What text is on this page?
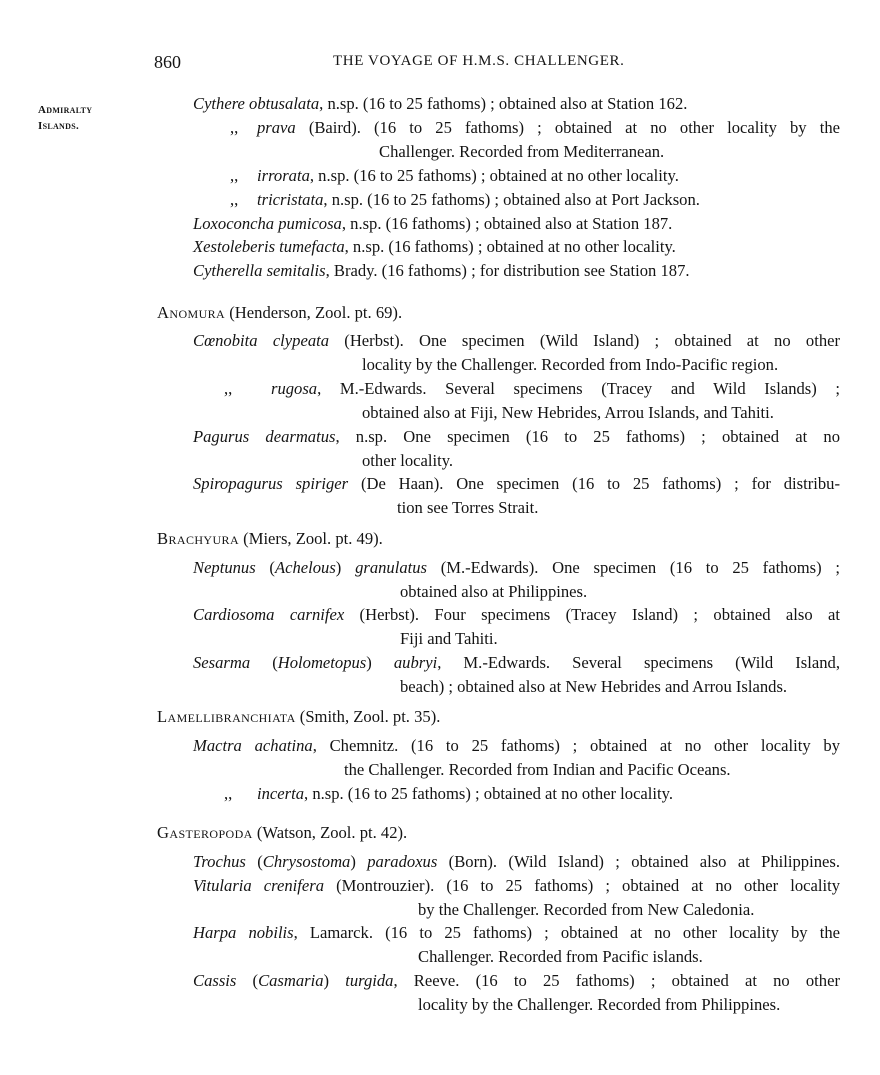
860	THE VOYAGE OF H.M.S. CHALLENGER.
Admiralty
Islands.
Cythere obtusalata, n.sp. (16 to 25 fathoms) ; obtained also at Station 162.
,, prava (Baird). (16 to 25 fathoms) ; obtained at no other locality by the
Challenger. Recorded from Mediterranean.
,, irrorata, n.sp. (16 to 25 fathoms) ; obtained at no other locality.
,, tricristata, n.sp. (16 to 25 fathoms) ; obtained also at Port Jackson.
Loxoconcha pumicosa, n.sp. (16 fathoms) ; obtained also at Station 187.
Xestoleberis tumefacta, n.sp. (16 fathoms) ; obtained at no other locality.
Cytherella semitalis, Brady. (16 fathoms) ; for distribution see Station 187.
Anomura (Henderson, Zool. pt. 69).
Cœnobita clypeata (Herbst). One specimen (Wild Island) ; obtained at no other
locality by the Challenger. Recorded from Indo-Pacific region.
,, rugosa, M.-Edwards. Several specimens (Tracey and Wild Islands) ;
obtained also at Fiji, New Hebrides, Arrou Islands, and Tahiti.
Pagurus dearmatus, n.sp. One specimen (16 to 25 fathoms) ; obtained at no
other locality.
Spiropagurus spiriger (De Haan). One specimen (16 to 25 fathoms) ; for distribu-
tion see Torres Strait.
Brachyura (Miers, Zool. pt. 49).
Neptunus (Achelous) granulatus (M.-Edwards). One specimen (16 to 25 fathoms) ;
obtained also at Philippines.
Cardiosoma carnifex (Herbst). Four specimens (Tracey Island) ; obtained also at
Fiji and Tahiti.
Sesarma (Holometopus) aubryi, M.-Edwards. Several specimens (Wild Island,
beach) ; obtained also at New Hebrides and Arrou Islands.
Lamellibranchiata (Smith, Zool. pt. 35).
Mactra achatina, Chemnitz. (16 to 25 fathoms) ; obtained at no other locality by
the Challenger. Recorded from Indian and Pacific Oceans.
,, incerta, n.sp. (16 to 25 fathoms) ; obtained at no other locality.
Gasteropoda (Watson, Zool. pt. 42).
Trochus (Chrysostoma) paradoxus (Born). (Wild Island) ; obtained also at Philippines.
Vitularia crenifera (Montrouzier). (16 to 25 fathoms) ; obtained at no other locality
by the Challenger. Recorded from New Caledonia.
Harpa nobilis, Lamarck. (16 to 25 fathoms) ; obtained at no other locality by the
Challenger. Recorded from Pacific islands.
Cassis (Casmaria) turgida, Reeve. (16 to 25 fathoms) ; obtained at no other
locality by the Challenger. Recorded from Philippines.
